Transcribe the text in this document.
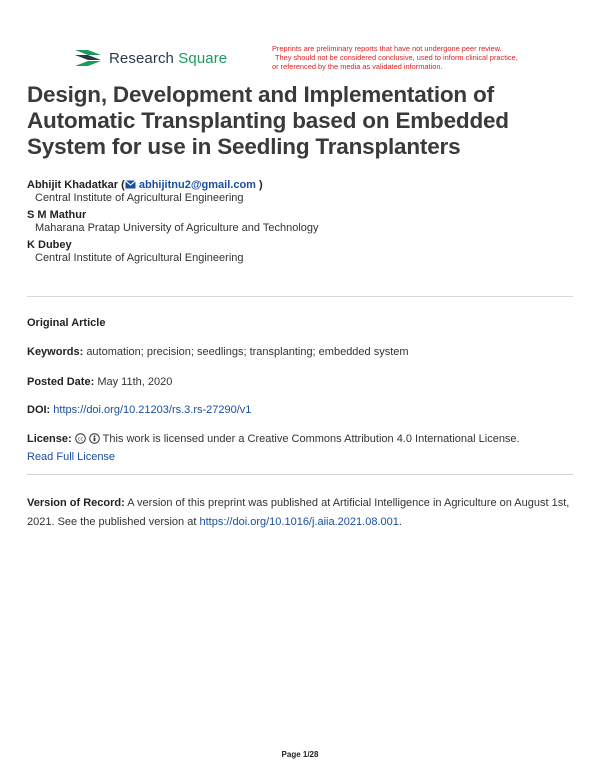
Research Square
Preprints are preliminary reports that have not undergone peer review.
They should not be considered conclusive, used to inform clinical practice,
or referenced by the media as validated information.
Design, Development and Implementation of Automatic Transplanting based on Embedded System for use in Seedling Transplanters
Abhijit Khadatkar ( abhijitnu2@gmail.com )
Central Institute of Agricultural Engineering
S M Mathur
Maharana Pratap University of Agriculture and Technology
K Dubey
Central Institute of Agricultural Engineering
Original Article
Keywords: automation; precision; seedlings; transplanting; embedded system
Posted Date: May 11th, 2020
DOI: https://doi.org/10.21203/rs.3.rs-27290/v1
License: cc This work is licensed under a Creative Commons Attribution 4.0 International License.
Read Full License
Version of Record: A version of this preprint was published at Artificial Intelligence in Agriculture on August 1st, 2021. See the published version at https://doi.org/10.1016/j.aiia.2021.08.001.
Page 1/28
